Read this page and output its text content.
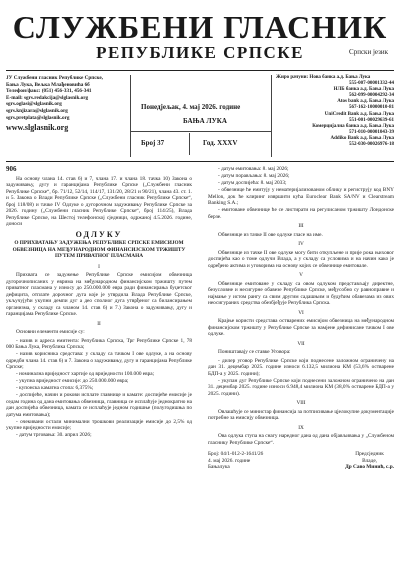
СЛУЖБЕНИ ГЛАСНИК
РЕПУБЛИКЕ СРПСКЕ	Српски језик
ЈУ Службени гласник Републике Српске,
Бања Лука, Вељка Млађеновића 6б
Телефон/факс: (051) 456-331, 456-341
E-mail: sgrs.redakcija@slglasnik.org
sgrs.oglasi@slglasnik.org
sgrs.knjizara@slglasnik.org
sgrs.pretplata@slglasnik.org
www.slglasnik.org
Понедјељак, 4. мај 2026. године
БАЊА ЛУКА
Број 37	Год. XXXV
Жиро рачуни: Нова банка а.д. Бања Лука
555-007-00001332-44
НЛБ банка а.д. Бања Лука
562-099-00004292-34
Atos bank а.д. Бања Лука
567-162-10000010-81
UniCredit Bank а.д. Бања Лука
551-001-00029639-61
Комерцијална банка а.д. Бања Лука
571-010-00001043-39
Addiko Bank а.д. Бања Лука
552-030-00026976-18
906

На основу члана 14. став 6) и 7, члана 17. и члана 18. тачка 10) Закона о задуживању, дугу и гаранцијама Републике Српске („Службени гласник Републике Српске“, бр. 71/12, 52/14, 114/17, 131/20, 28/21 и 90/21), члана 43. ст. 1. и 5. Закона о Влади Републике Српске („Службени гласник Републике Српске“, број 118/08) и тачке IV Одлуке о дугорочном задуживању Републике Српске за 2026. годину („Службени гласник Републике Српске“, број 114/25), Влада Републике Српске, на Шестој телефонској сједници, одржаној 4.5.2026. године, доноси

ОДЛУКУ
О ПРИХВАТАЊУ ЗАДУЖЕЊА РЕПУБЛИКЕ СРПСКЕ ЕМИСИЈОМ ОБВЕЗНИЦА НА МЕЂУНАРОДНОМ ФИНАНСИЈСКОМ ТРЖИШТУ ПУТЕМ ПРИВАТНОГ ПЛАСМАНА
I

Прихвата се задужење Републике Српске емисијом обвезница дугорочнописаних у еврима на међународном финансијском тржишту путем приватног пласмана у износу до 250.000.000 евра ради финансирања буџетског дефицита, отплате дорочног дуга које је утврдила Влада Републике Српске, укључујући укупни демпи дуг а део сполиог дуга утврђеног са билансирањем организма, у складу са чланом 14. став 6) и 7.) Закона о задуживању, дугу и гаранцијама Републике Српске.

II

Основни елементи емисије су:

- назив и адреса емитента: Република Српска, Трг Републике Српске 1, 78 000 Бања Лука, Република Српска;

- назив корисника средстава: у складу са тачком I ове одлуке, а на основу одредби члана 14. став 6) и 7. Закона о задуживању, дугу и гаранцијама Републике Српске;

- номинална вриједност хартије од вриједности 100.000 евра;

- укупна вриједност емисије: до 250.000.000 евра;

- купонска каматна стопа: 6,375%;

- доспијеће, начин и рокови исплате главнице и камате: доспијеће емисије је седам година од дана емитовања обвезница, главница се исплаћује једнократно на дан доспијећа обвезница, камата се исплаћује једном годишње (полугодишња по датума емитовања);

- очекивани остали минимални трошкови реализације емисије до 2,5% од укупне вриједности емисије;

- датум трговања: 30. април 2026;

- датум емитовања: 8. мај 2026;

- датум порављања: 8. мај 2026;

- датум доспијећа: 8. мај 2033;

- обвезнице ће емитују у нематеријализованом облику и региструју код BNY Mellon, док ће клиринг извршити кућа Euroclear Bank SA/NV и Clearstream Banking S.A.;

- емитоване обвезнице ће се листирати на регулисаном тржишту Лондонске берзе.

III

Обвезнице из тачке II ове одлуке гласе на име.

IV

Обвезнице из тачке II ове одлуке могу бити откупљене и прије рока њиховог доспијећа као о томе одлучи Влада, а у складу са условима и на начин како је одређено актима и уговорима на основу којих се обвезнице емитовале.

V

Обвезнице емитоване у складу са овом одлуком представљају директне, безусловне и несигурне обавезе Републике Српске, међусобно су равноправне и најмање у истом рангу са свим другим садашњим и будућим обавезама из ових неосигураних средства обезбјеђује Република Српска.

VI

Крајње користи средстава остварених емисијом обвезница на међународном финансијском тржишту у Републике Српске за намјене дефинисане тачком I ове одлуке.

VII

Поништавају се ставке Уговора:

- дилер уговор Републике Српске који поднесене заложном ограничену на дан 31. децембар 2025. године износи 6.132,5 милиона КМ (53,6% остварене БДП-а у 2025. години);

- укупан дуг Републике Српске који поднесени заложном ограничено на дан 31. децембар 2025. године износи 6.948,4 милиона КМ (38,0% остварене БДП-а у 2025. години).

VIII

Овлашћује се министар финансија за потписивање цјелокупне документације потребне за емисију обвезница.

IX

Ова одлука ступа на снагу наредног дана од дана објављивања у „Службеном гласнику Републике Српске“.

Број: 04/1-012-2-1641/26
4. мај 2026. године
Бањалука
Предсједник
Владе,
Др Саво Минић, с.р.
